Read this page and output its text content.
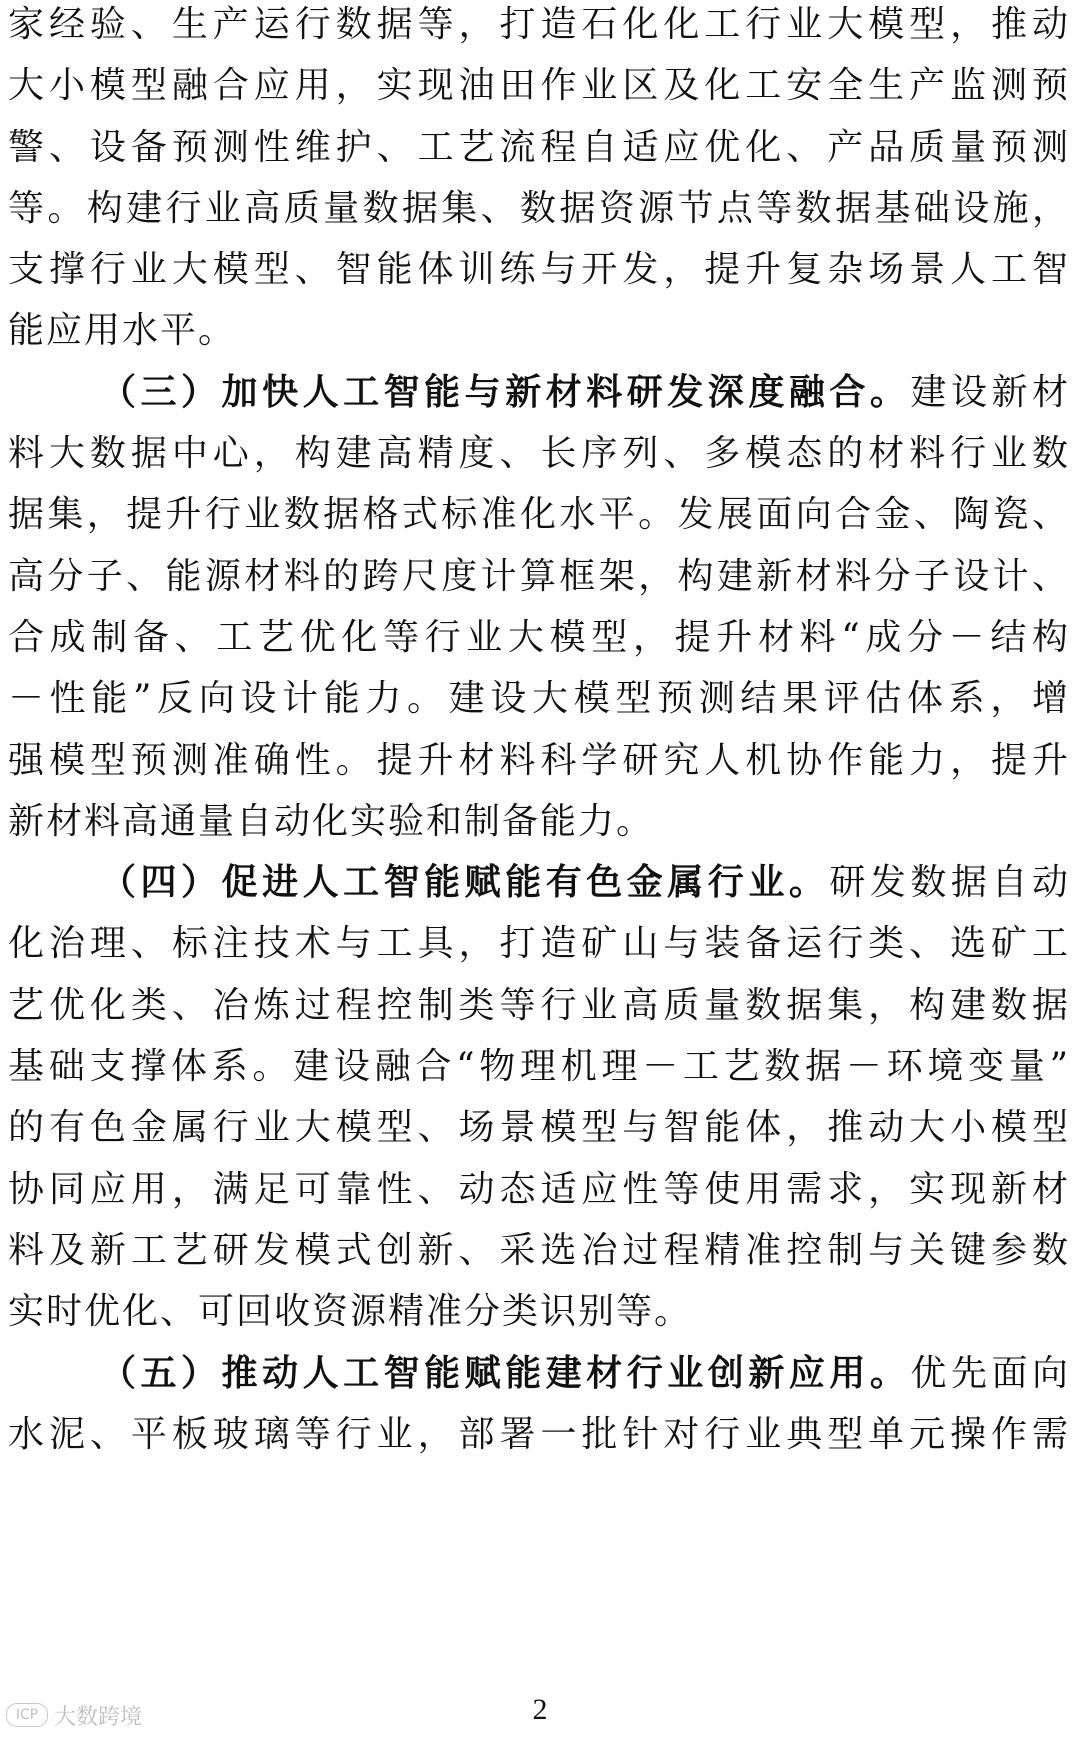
家经验、生产运行数据等，打造石化化工行业大模型，推动
大小模型融合应用，实现油田作业区及化工安全生产监测预
警、设备预测性维护、工艺流程自适应优化、产品质量预测
等。构建行业高质量数据集、数据资源节点等数据基础设施，
支撑行业大模型、智能体训练与开发，提升复杂场景人工智
能应用水平。
（三）加快人工智能与新材料研发深度融合。建设新材
料大数据中心，构建高精度、长序列、多模态的材料行业数
据集，提升行业数据格式标准化水平。发展面向合金、陶瓷、
高分子、能源材料的跨尺度计算框架，构建新材料分子设计、
合成制备、工艺优化等行业大模型，提升材料“成分－结构
－性能”反向设计能力。建设大模型预测结果评估体系，增
强模型预测准确性。提升材料科学研究人机协作能力，提升
新材料高通量自动化实验和制备能力。
（四）促进人工智能赋能有色金属行业。研发数据自动
化治理、标注技术与工具，打造矿山与装备运行类、选矿工
艺优化类、冶炼过程控制类等行业高质量数据集，构建数据
基础支撑体系。建设融合“物理机理－工艺数据－环境变量”
的有色金属行业大模型、场景模型与智能体，推动大小模型
协同应用，满足可靠性、动态适应性等使用需求，实现新材
料及新工艺研发模式创新、采选冶过程精准控制与关键参数
实时优化、可回收资源精准分类识别等。
（五）推动人工智能赋能建材行业创新应用。优先面向
水泥、平板玻璃等行业，部署一批针对行业典型单元操作需
ICP 大数跨境	2
